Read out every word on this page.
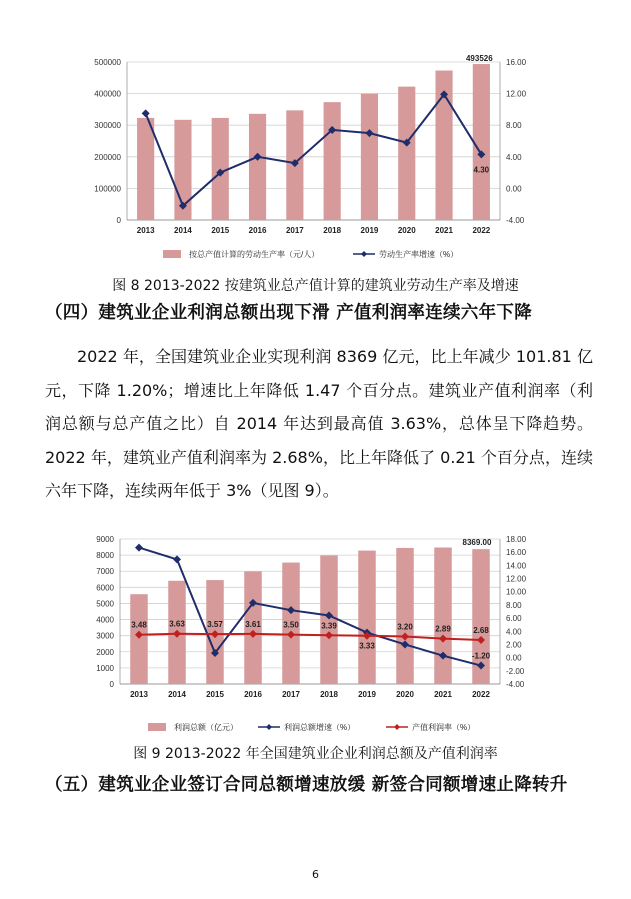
0
100000
200000
300000
400000
500000
-4.00
0.00
4.00
8.00
12.00
16.00
2013 2014 2015 2016 2017 2018 2019 2020 2021 2022
493526
4.30
按总产值计算的劳动生产率（元/人）	劳动生产率增速（%）
图 8 2013-2022 按建筑业总产值计算的建筑业劳动生产率及增速
（四）建筑业企业利润总额出现下滑 产值利润率连续六年下降

2022 年，全国建筑业企业实现利润 8369 亿元，比上年减少 101.81 亿元，下降 1.20%；增速比上年降低 1.47 个百分点。建筑业产值利润率（利润总额与总产值之比）自 2014 年达到最高值 3.63%，总体呈下降趋势。2022 年，建筑业产值利润率为 2.68%，比上年降低了 0.21 个百分点，连续六年下降，连续两年低于 3%（见图 9）。

0
1000
2000
3000
4000
5000
6000
7000
8000
9000
-4.00
-2.00
0.00
2.00
4.00
6.00
8.00
10.00
12.00
14.00
16.00
18.00
2013	2014	2015	2016	2017	2018	2019	2020	2021	2022
8369.00
-1.20
3.48	3.63	3.57	3.61	3.50	3.39
3.33
3.20	2.89	2.68
利润总额（亿元）	利润总额增速（%）	产值利润率（%）
图 9 2013-2022 年全国建筑业企业利润总额及产值利润率
（五）建筑业企业签订合同总额增速放缓 新签合同额增速止降转升
6
